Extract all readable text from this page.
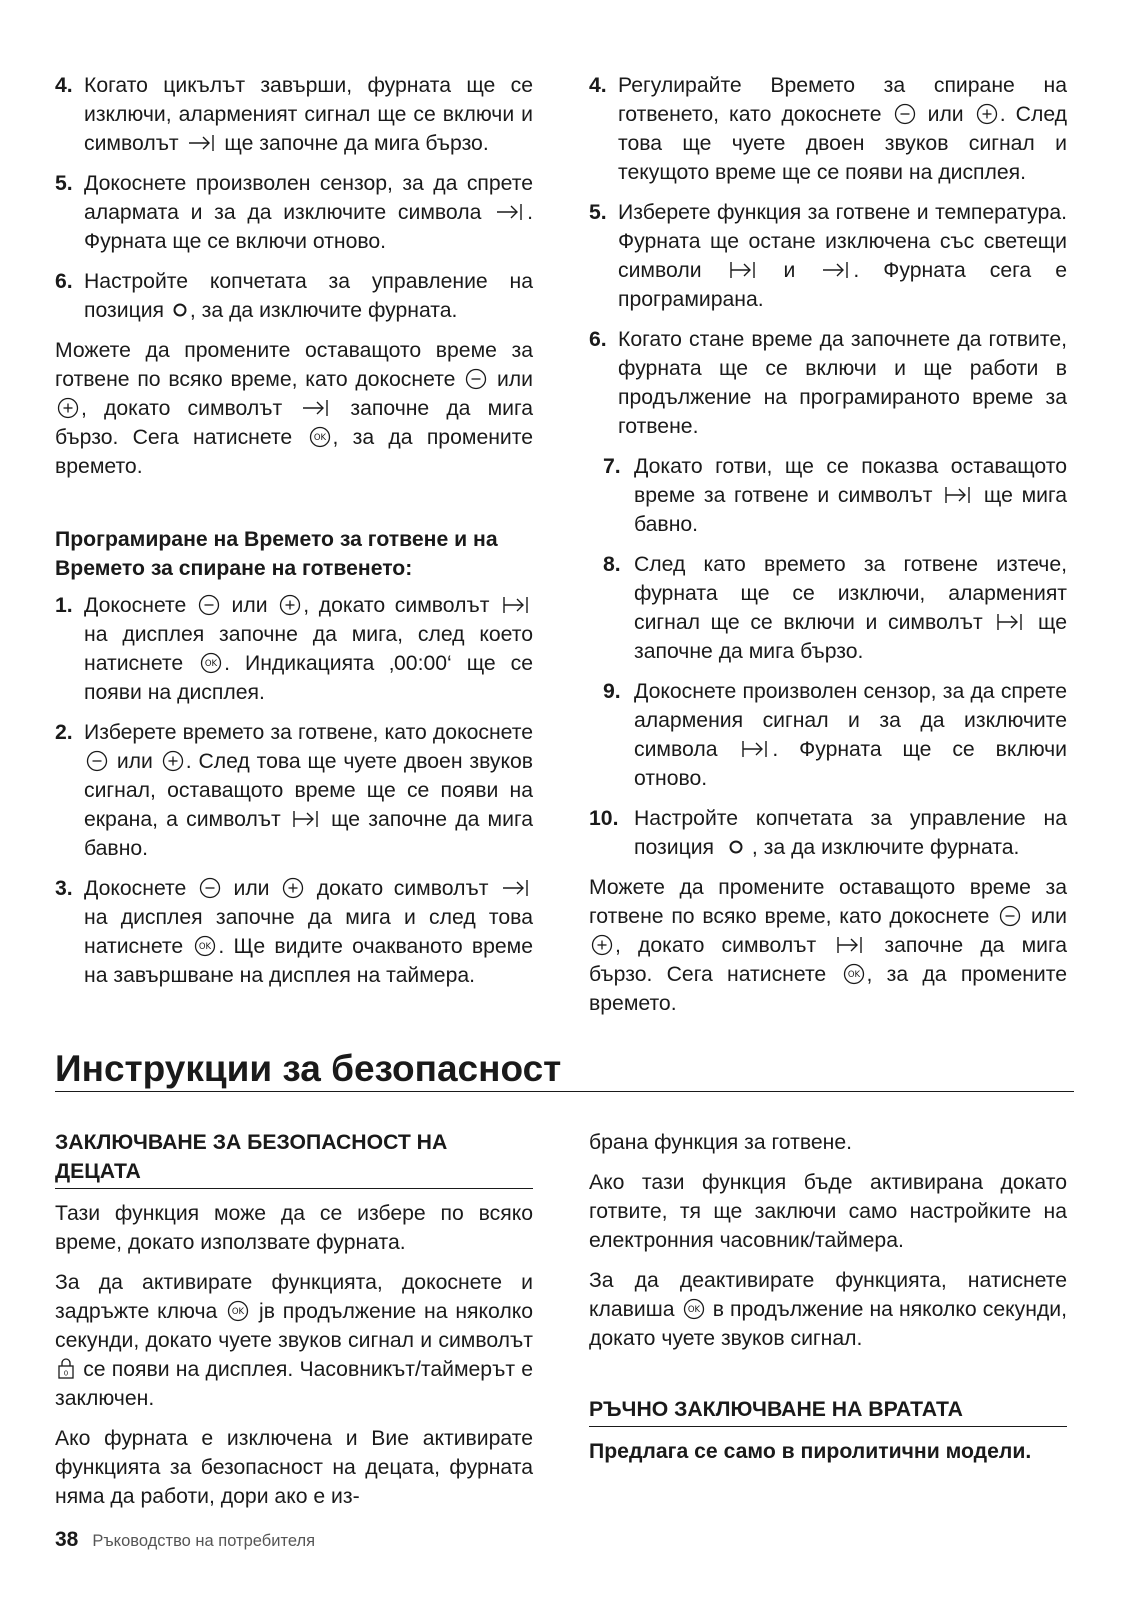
4. Когато цикълът завърши, фурната ще се изключи, алармeният сигнал ще се включи и символът ще започне да мига бързо.
5. Докоснете произволен сензор, за да спрете алармата и за да изключите символа . Фурната ще се включи отново.
6. Настройте копчетата за управление на позиция , за да изключите фурната.

Можете да промените оставащото време за готвене по всяко време, като докоснете или , докато символът	започне да мига бързо. Сега натиснете , за да промените времето.

Програмиране на Времето за готвене и на Времето за спиране на готвенето:
1. Докоснете или , докато символът  на дисплея започне да мига, след което натиснете . Индикацията ‚00:00‘ ще се появи на дисплея.
2. Изберете времето за готвене, като докоснете  или . След това ще чуете двоен звуков сигнал, оставащото време ще се появи на екрана, а символът ще започне да мига бавно.
3. Докоснете или докато символът  на дисплея започне да мига и след това натиснете . Ще видите очакваното време на завършване на дисплея на таймера.
4. Регулирайте Времето за спиране на готвенето, като докоснете или . След това ще чуете двоен звуков сигнал и текущото време ще се появи на дисплея.
5. Изберете функция за готвене и температура. Фурната ще остане изключена със светещи символи	и	. Фурната сега е програмирана.
6. Когато стане време да започнете да готвите, фурната ще се включи и ще работи в продължение на програмираното време за готвене.
7. Докато готви, ще се показва оставащото време за готвене и символът ще мига бавно.
8. След като времето за готвене изтече, фурната ще се изключи, алармeният сигнал ще се включи и символът	ще започне да мига бързо.
9. Докоснете произволен сензор, за да спрете алармения сигнал и за да изключите символа	. Фурната ще се включи отново.
10. Настройте копчетата за управление на позиция , за да изключите фурната.

Можете да промените оставащото време за готвене по всяко време, като докоснете или , докато символът	започне да мига бързо. Сега натиснете , за да промените времето.

Инструкции за безопасност
ЗАКЛЮЧВАНЕ ЗА БЕЗОПАСНОСТ НА ДЕЦАТА

Тази функция може да се избере по всяко време, докато използвате фурната.

За да активирате функцията, докоснете и задръжте ключа јв продължение на няколко секунди, докато чуете звуков сигнал и символът  се появи на дисплея. Часовникът/таймерът е заключен.

Ако фурната е изключена и Вие активирате функцията за безопасност на децата, фурната няма да работи, дори ако е из-

брана функция за готвене.

Ако тази функция бъде активирана докато готвите, тя ще заключи само настройките на електронния часовник/таймера.

За да деактивирате функцията, натиснете клавиша в продължение на няколко секунди, докато чуете звуков сигнал.

РЪЧНО ЗАКЛЮЧВАНЕ НА ВРАТАТА
Предлага се само в пиролитични модели.
38 Ръководство на потребителя
